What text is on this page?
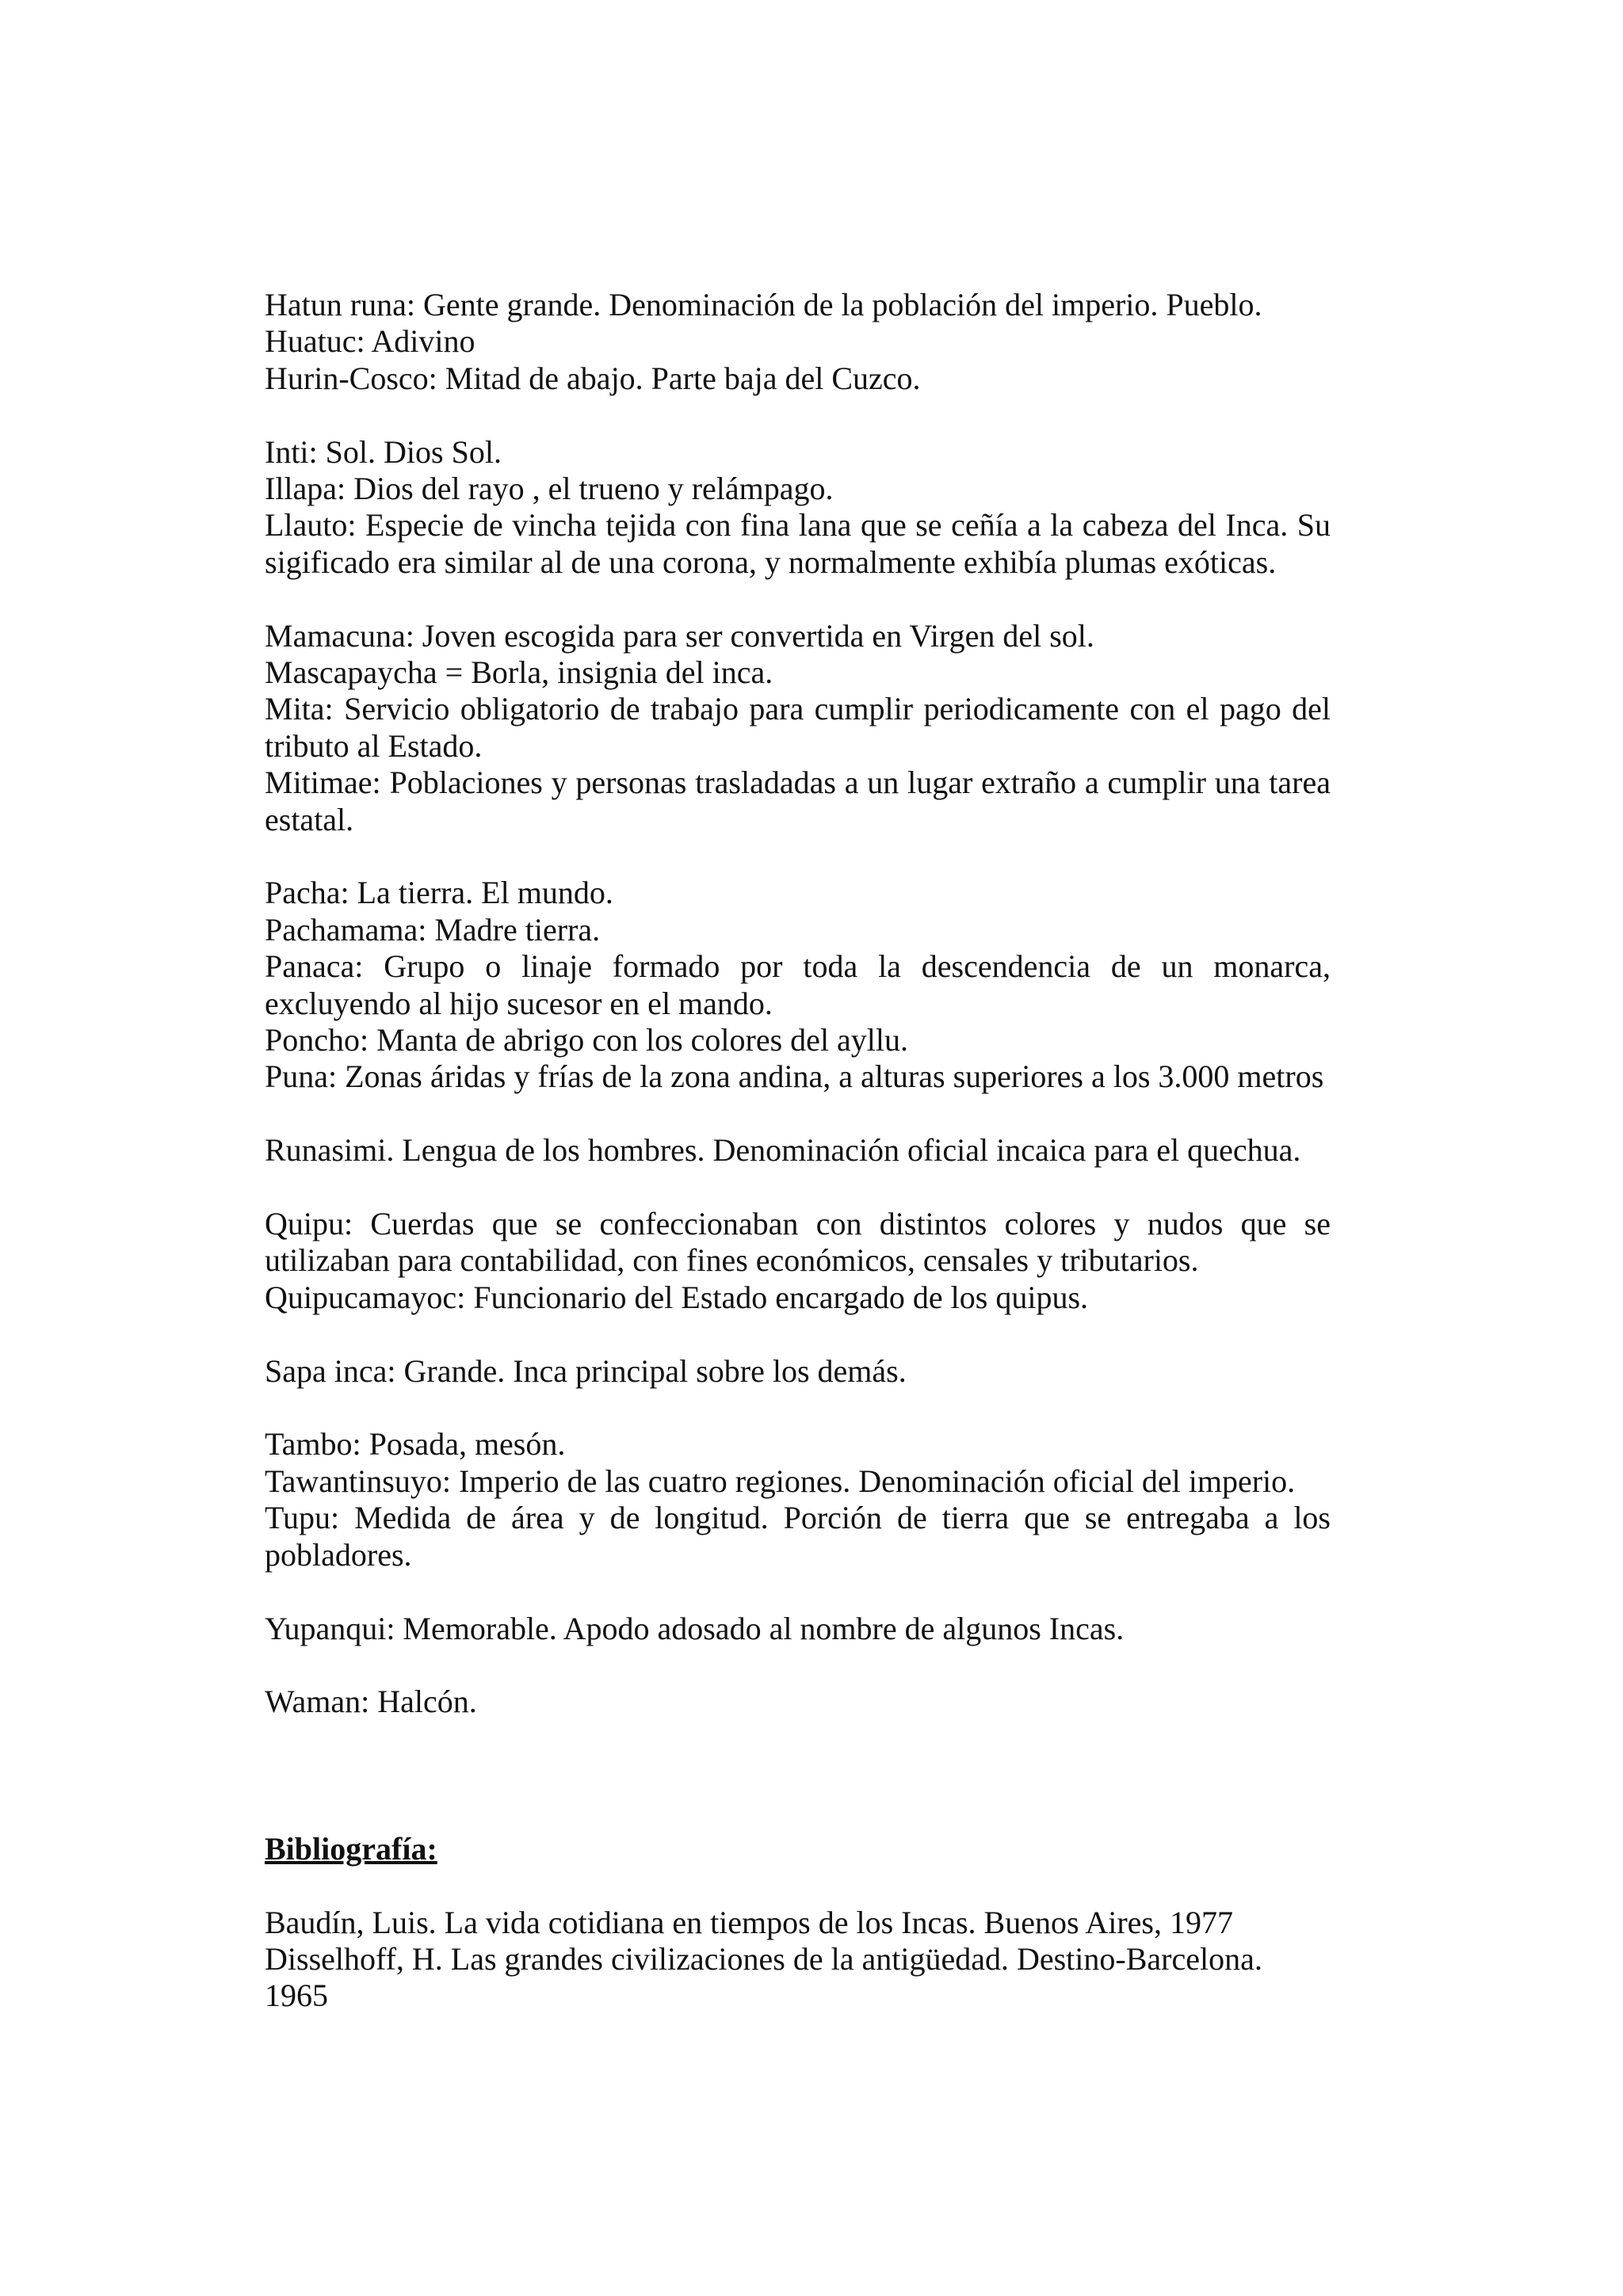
Hatun runa: Gente grande. Denominación de la población del imperio. Pueblo.

Huatuc: Adivino

Hurin-Cosco: Mitad de abajo. Parte baja del Cuzco.

Inti: Sol. Dios Sol.

Illapa: Dios del rayo , el trueno y relámpago.

Llauto: Especie de vincha tejida con fina lana que se ceñía a la cabeza del Inca. Su sigificado era similar al de una corona, y normalmente exhibía plumas exóticas.

Mamacuna: Joven escogida para ser convertida en Virgen del sol.

Mascapaycha = Borla, insignia del inca.

Mita: Servicio obligatorio de trabajo para cumplir periodicamente con el pago del tributo al Estado.

Mitimae: Poblaciones y personas trasladadas a un lugar extraño a cumplir una tarea estatal.

Pacha: La tierra. El mundo.

Pachamama: Madre tierra.

Panaca: Grupo o linaje formado por toda la descendencia de un monarca, excluyendo al hijo sucesor en el mando.

Poncho: Manta de abrigo con los colores del ayllu.

Puna: Zonas áridas y frías de la zona andina, a alturas superiores a los 3.000 metros

Runasimi. Lengua de los hombres. Denominación oficial incaica para el quechua.

Quipu: Cuerdas que se confeccionaban con distintos colores y nudos que se utilizaban para contabilidad, con fines económicos, censales y tributarios.

Quipucamayoc: Funcionario del Estado encargado de los quipus.

Sapa inca: Grande. Inca principal sobre los demás.

Tambo: Posada, mesón.

Tawantinsuyo: Imperio de las cuatro regiones. Denominación oficial del imperio.

Tupu: Medida de área y de longitud. Porción de tierra que se entregaba a los pobladores.

Yupanqui: Memorable. Apodo adosado al nombre de algunos Incas.

Waman: Halcón.

Bibliografía:

Baudín, Luis. La vida cotidiana en tiempos de los Incas. Buenos Aires, 1977

Disselhoff, H. Las grandes civilizaciones de la antigüedad. Destino-Barcelona. 1965
